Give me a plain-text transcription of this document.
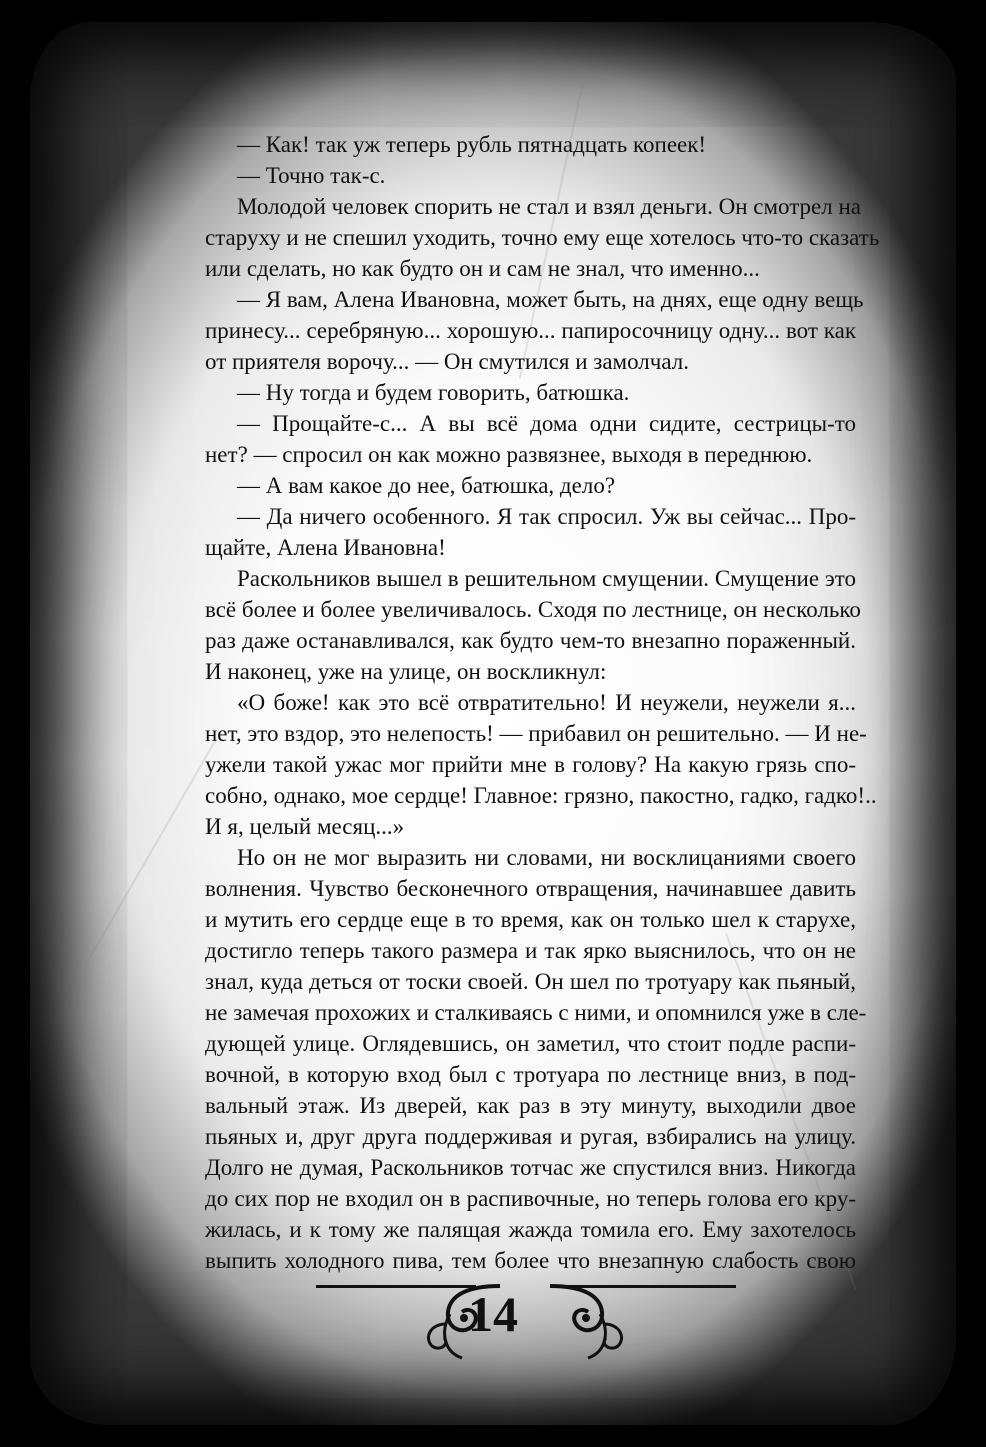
— Как! так уж теперь рубль пятнадцать копеек!
— Точно так-с.
Молодой человек спорить не стал и взял деньги. Он смотрел на
старуху и не спешил уходить, точно ему еще хотелось что-то сказать
или сделать, но как будто он и сам не знал, что именно...
— Я вам, Алена Ивановна, может быть, на днях, еще одну вещь
принесу... серебряную... хорошую... папиросочницу одну... вот как
от приятеля ворочу... — Он смутился и замолчал.
— Ну тогда и будем говорить, батюшка.
— Прощайте-с... А вы всё дома одни сидите, сестрицы-то
нет? — спросил он как можно развязнее, выходя в переднюю.
— А вам какое до нее, батюшка, дело?
— Да ничего особенного. Я так спросил. Уж вы сейчас... Про-
щайте, Алена Ивановна!
Раскольников вышел в решительном смущении. Смущение это
всё более и более увеличивалось. Сходя по лестнице, он несколько
раз даже останавливался, как будто чем-то внезапно пораженный.
И наконец, уже на улице, он воскликнул:
«О боже! как это всё отвратительно! И неужели, неужели я...
нет, это вздор, это нелепость! — прибавил он решительно. — И не-
ужели такой ужас мог прийти мне в голову? На какую грязь спо-
собно, однако, мое сердце! Главное: грязно, пакостно, гадко, гадко!..
И я, целый месяц...»
Но он не мог выразить ни словами, ни восклицаниями своего
волнения. Чувство бесконечного отвращения, начинавшее давить
и мутить его сердце еще в то время, как он только шел к старухе,
достигло теперь такого размера и так ярко выяснилось, что он не
знал, куда деться от тоски своей. Он шел по тротуару как пьяный,
не замечая прохожих и сталкиваясь с ними, и опомнился уже в сле-
дующей улице. Оглядевшись, он заметил, что стоит подле распи-
вочной, в которую вход был с тротуара по лестнице вниз, в под-
вальный этаж. Из дверей, как раз в эту минуту, выходили двое
пьяных и, друг друга поддерживая и ругая, взбирались на улицу.
Долго не думая, Раскольников тотчас же спустился вниз. Никогда
до сих пор не входил он в распивочные, но теперь голова его кру-
жилась, и к тому же палящая жажда томила его. Ему захотелось
выпить холодного пива, тем более что внезапную слабость свою
14
